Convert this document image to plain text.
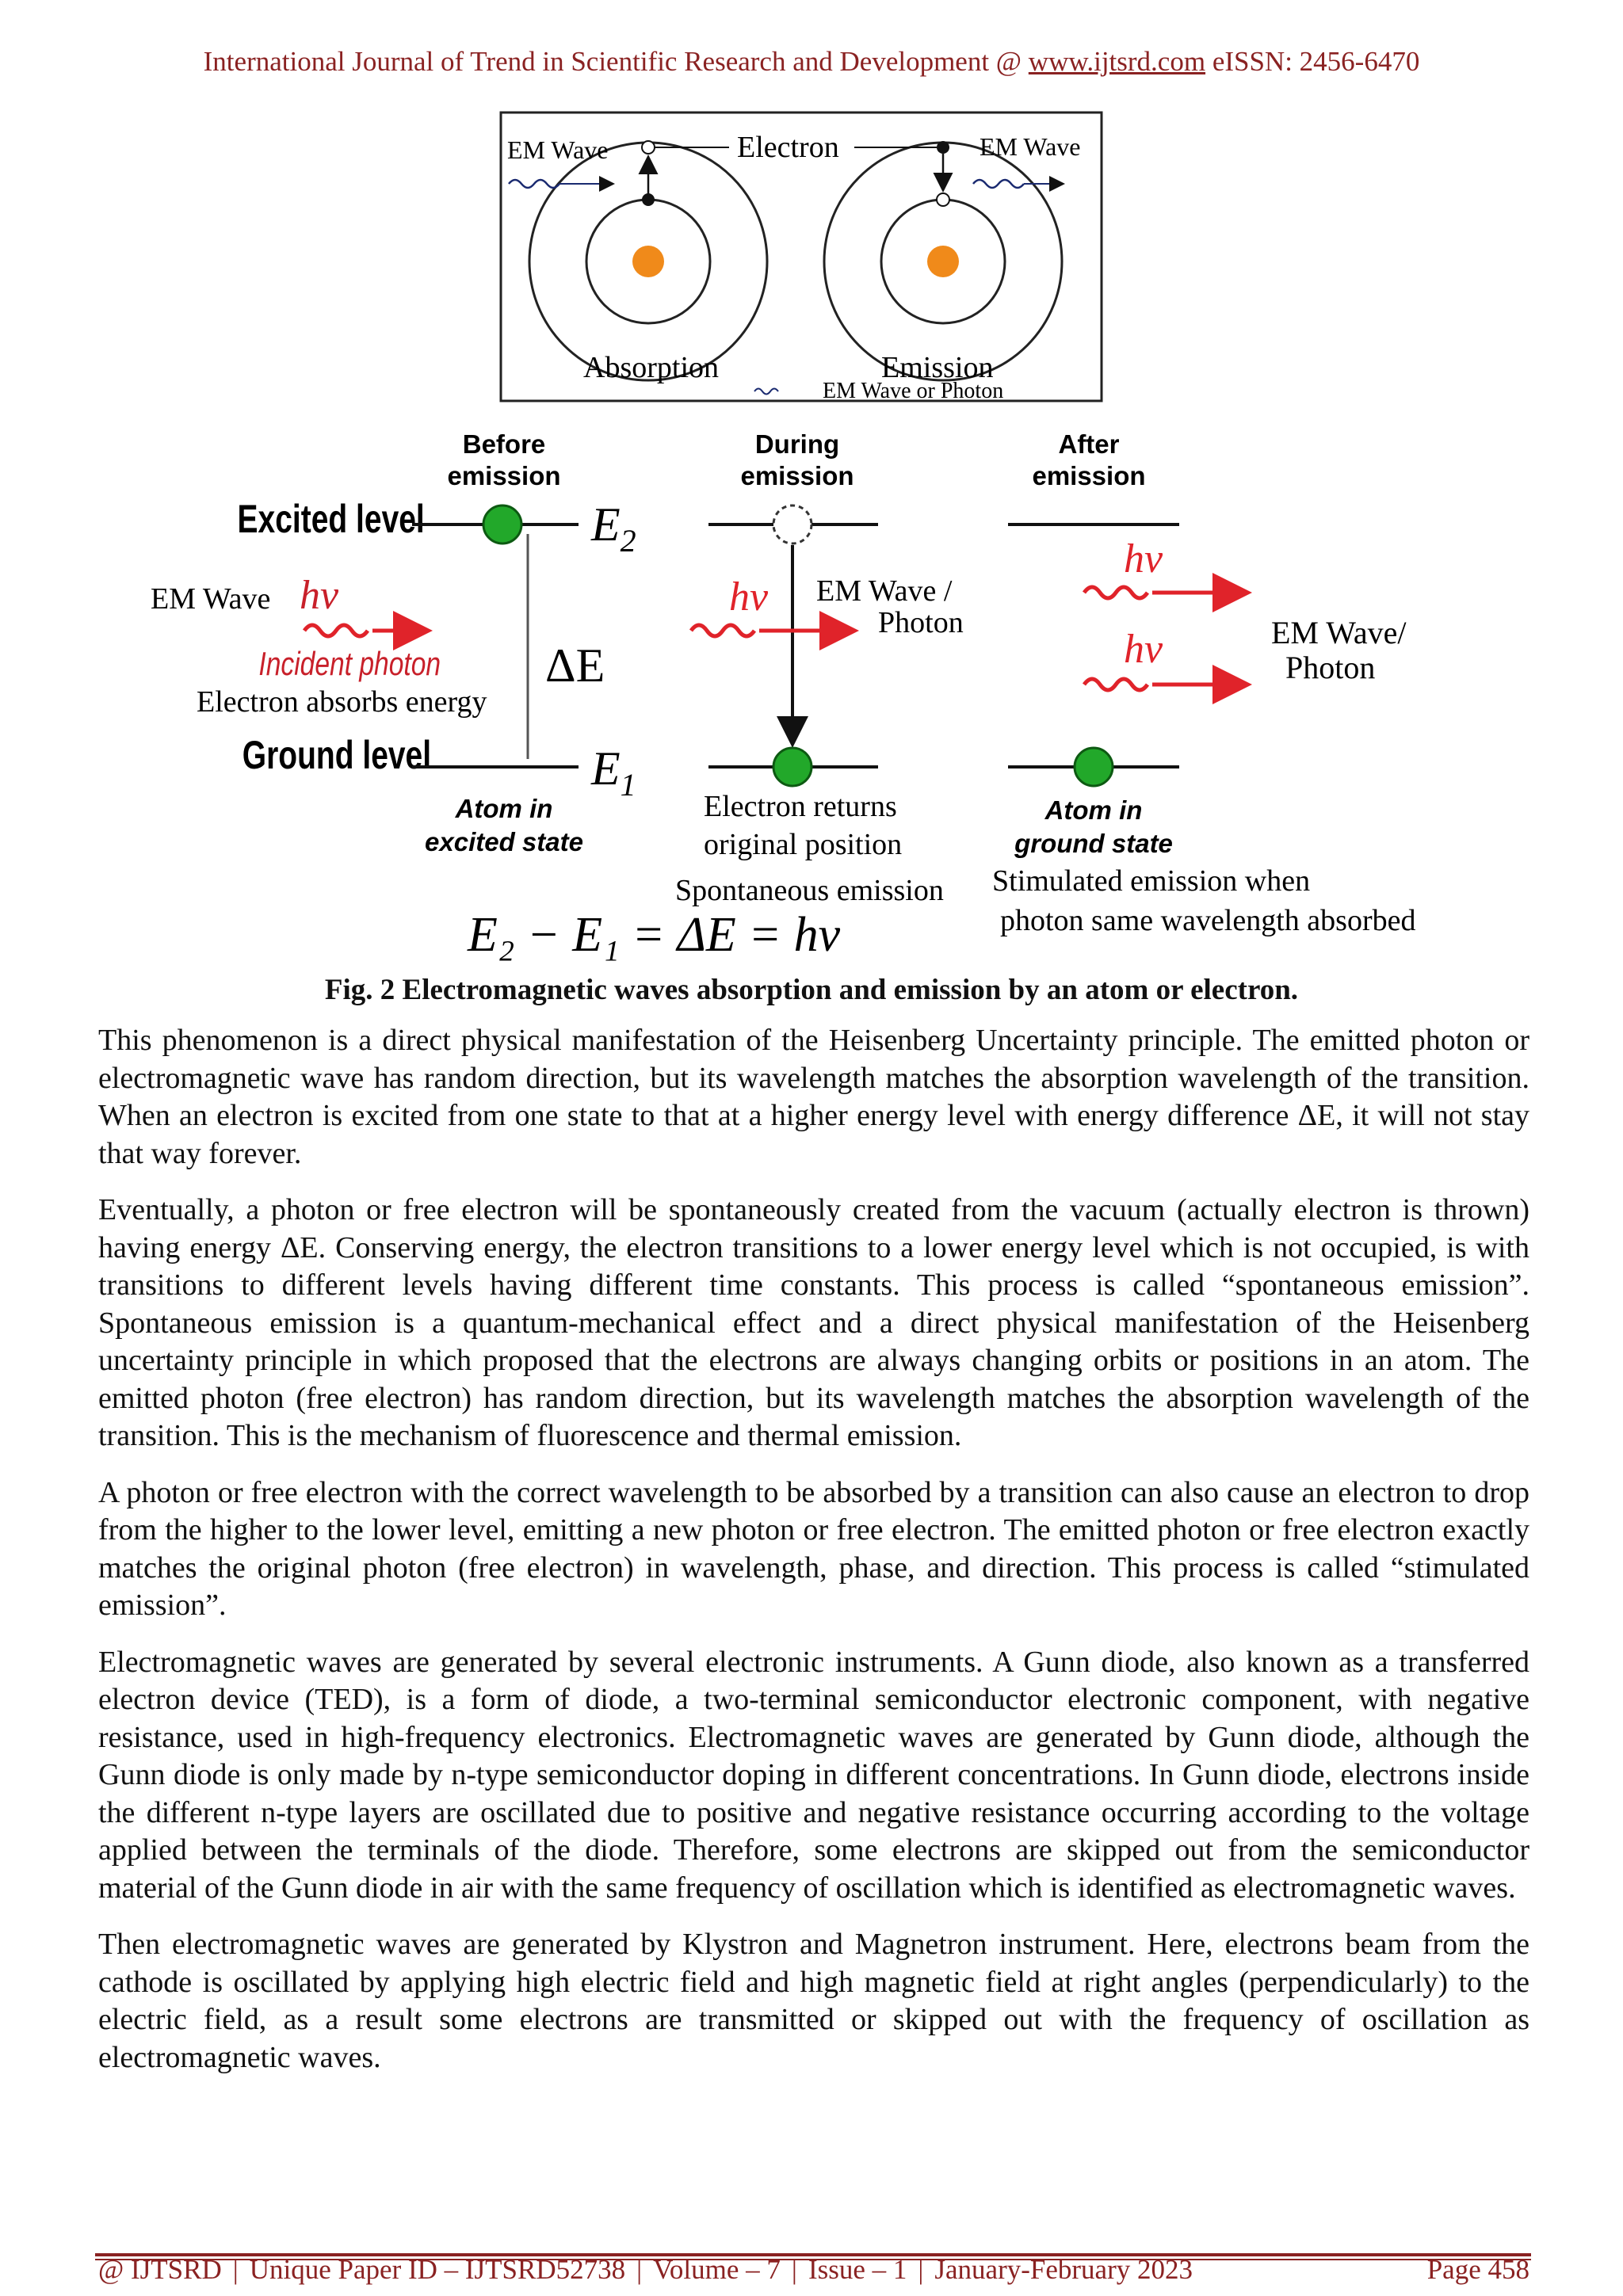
International Journal of Trend in Scientific Research and Development @ www.ijtsrd.com eISSN: 2456-6470
EM Wave	Electron	EM Wave
Absorption	Emission
EM Wave or Photon
Before
emission
During
emission
After
emission
Excited level
Ground level
$E_2$
$E_1$
ΔE
EM Wave hν
Incident photon
Electron absorbs energy
Atom in
excited state
hν EM Wave /
Photon
Electron returns
original position
Spontaneous emission
hν
hν	EM Wave/
Photon
Atom in
ground state
Stimulated emission when
photon same wavelength absorbed
E₂ − E₁ = ΔE = hν
Fig. 2 Electromagnetic waves absorption and emission by an atom or electron.

This phenomenon is a direct physical manifestation of the Heisenberg Uncertainty principle. The emitted photon or electromagnetic wave has random direction, but its wavelength matches the absorption wavelength of the transition. When an electron is excited from one state to that at a higher energy level with energy difference ΔE, it will not stay that way forever.

Eventually, a photon or free electron will be spontaneously created from the vacuum (actually electron is thrown) having energy ΔE. Conserving energy, the electron transitions to a lower energy level which is not occupied, is with transitions to different levels having different time constants. This process is called “spontaneous emission”. Spontaneous emission is a quantum-mechanical effect and a direct physical manifestation of the Heisenberg uncertainty principle in which proposed that the electrons are always changing orbits or positions in an atom. The emitted photon (free electron) has random direction, but its wavelength matches the absorption wavelength of the transition. This is the mechanism of fluorescence and thermal emission.

A photon or free electron with the correct wavelength to be absorbed by a transition can also cause an electron to drop from the higher to the lower level, emitting a new photon or free electron. The emitted photon or free electron exactly matches the original photon (free electron) in wavelength, phase, and direction. This process is called “stimulated emission”.

Electromagnetic waves are generated by several electronic instruments. A Gunn diode, also known as a transferred electron device (TED), is a form of diode, a two-terminal semiconductor electronic component, with negative resistance, used in high-frequency electronics. Electromagnetic waves are generated by Gunn diode, although the Gunn diode is only made by n-type semiconductor doping in different concentrations. In Gunn diode, electrons inside the different n-type layers are oscillated due to positive and negative resistance occurring according to the voltage applied between the terminals of the diode. Therefore, some electrons are skipped out from the semiconductor material of the Gunn diode in air with the same frequency of oscillation which is identified as electromagnetic waves.

Then electromagnetic waves are generated by Klystron and Magnetron instrument. Here, electrons beam from the cathode is oscillated by applying high electric field and high magnetic field at right angles (perpendicularly) to the electric field, as a result some electrons are transmitted or skipped out with the frequency of oscillation as electromagnetic waves.

@ IJTSRD | Unique Paper ID – IJTSRD52738 | Volume – 7 | Issue – 1 | January-February 2023	Page 458
